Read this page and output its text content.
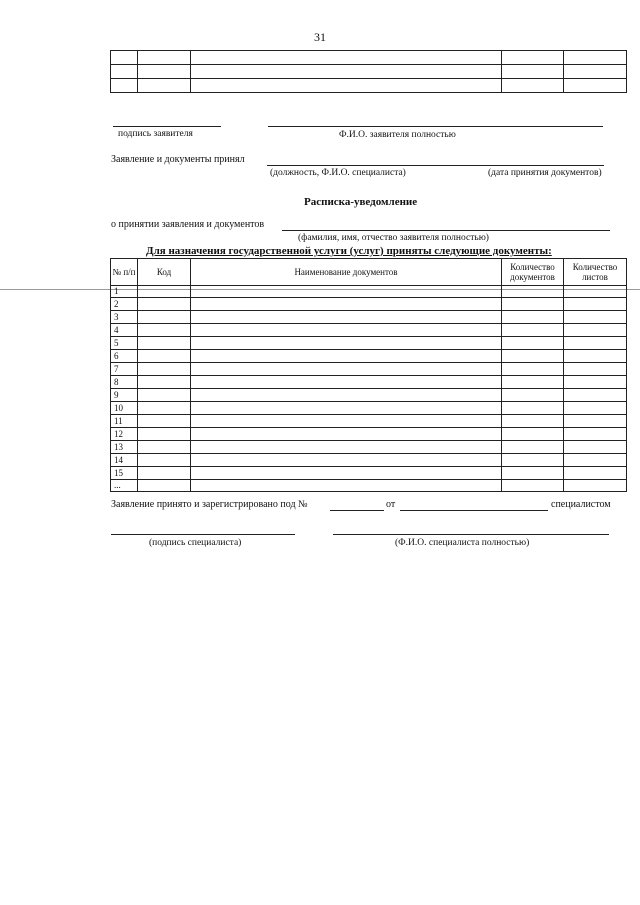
31

подпись заявителя	Ф.И.О. заявителя полностью
Заявление и документы принял
(должность, Ф.И.О. специалиста)	(дата принятия документов)
Расписка-уведомление
о принятии заявления и документов
(фамилия, имя, отчество заявителя полностью)
Для назначения государственной услуги (услуг) приняты следующие документы:
№ п/п	Код	Наименование документов	Количество документов	Количество листов
1				
2				
3				
4				
5				
6				
7				
8				
9				
10				
11				
12				
13				
14				
15				
...				
Заявление принято и зарегистрировано под №	от	специалистом
(подпись специалиста)	(Ф.И.О. специалиста полностью)
